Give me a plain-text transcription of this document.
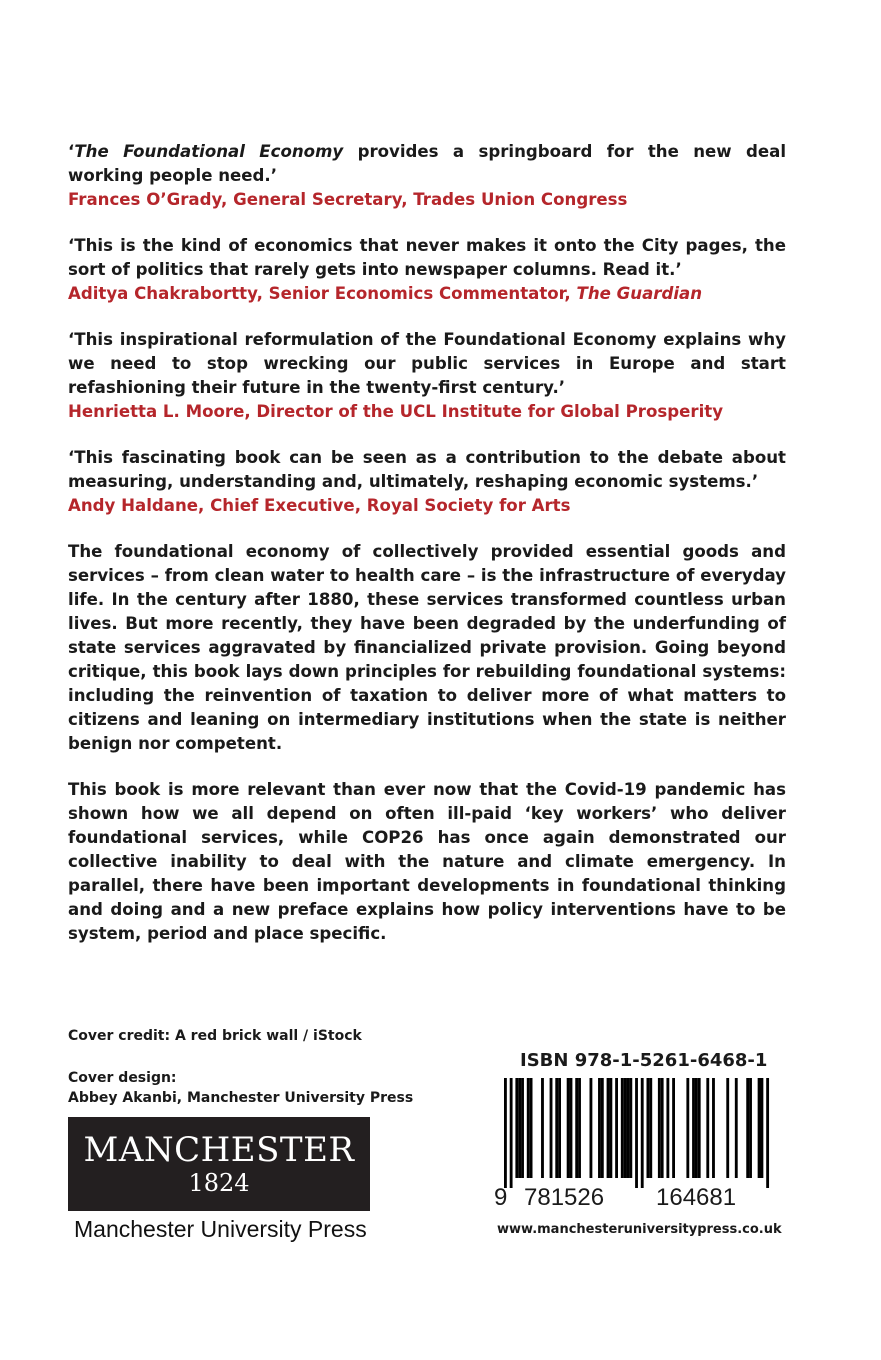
‘The Foundational Economy provides a springboard for the new deal working people need.’

Frances O’Grady, General Secretary, Trades Union Congress

‘This is the kind of economics that never makes it onto the City pages, the sort of politics that rarely gets into newspaper columns. Read it.’

Aditya Chakrabortty, Senior Economics Commentator, The Guardian

‘This inspirational reformulation of the Foundational Economy explains why we need to stop wrecking our public services in Europe and start refashioning their future in the twenty-first century.’

Henrietta L. Moore, Director of the UCL Institute for Global Prosperity

‘This fascinating book can be seen as a contribution to the debate about measuring, understanding and, ultimately, reshaping economic systems.’

Andy Haldane, Chief Executive, Royal Society for Arts

The foundational economy of collectively provided essential goods and services – from clean water to health care – is the infrastructure of everyday life. In the century after 1880, these services transformed countless urban lives. But more recently, they have been degraded by the underfunding of state services aggravated by financialized private provision. Going beyond critique, this book lays down principles for rebuilding foundational systems: including the reinvention of taxation to deliver more of what matters to citizens and leaning on intermediary institutions when the state is neither benign nor competent.

This book is more relevant than ever now that the Covid-19 pandemic has shown how we all depend on often ill-paid ‘key workers’ who deliver foundational services, while COP26 has once again demonstrated our collective inability to deal with the nature and climate emergency. In parallel, there have been important developments in foundational thinking and doing and a new preface explains how policy interventions have to be system, period and place specific.

Cover credit: A red brick wall / iStock
Cover design:
Abbey Akanbi, Manchester University Press
MANCHESTER
1824
Manchester University Press
ISBN 978-1-5261-6468-1
9 781526 164681
www.manchesteruniversitypress.co.uk
